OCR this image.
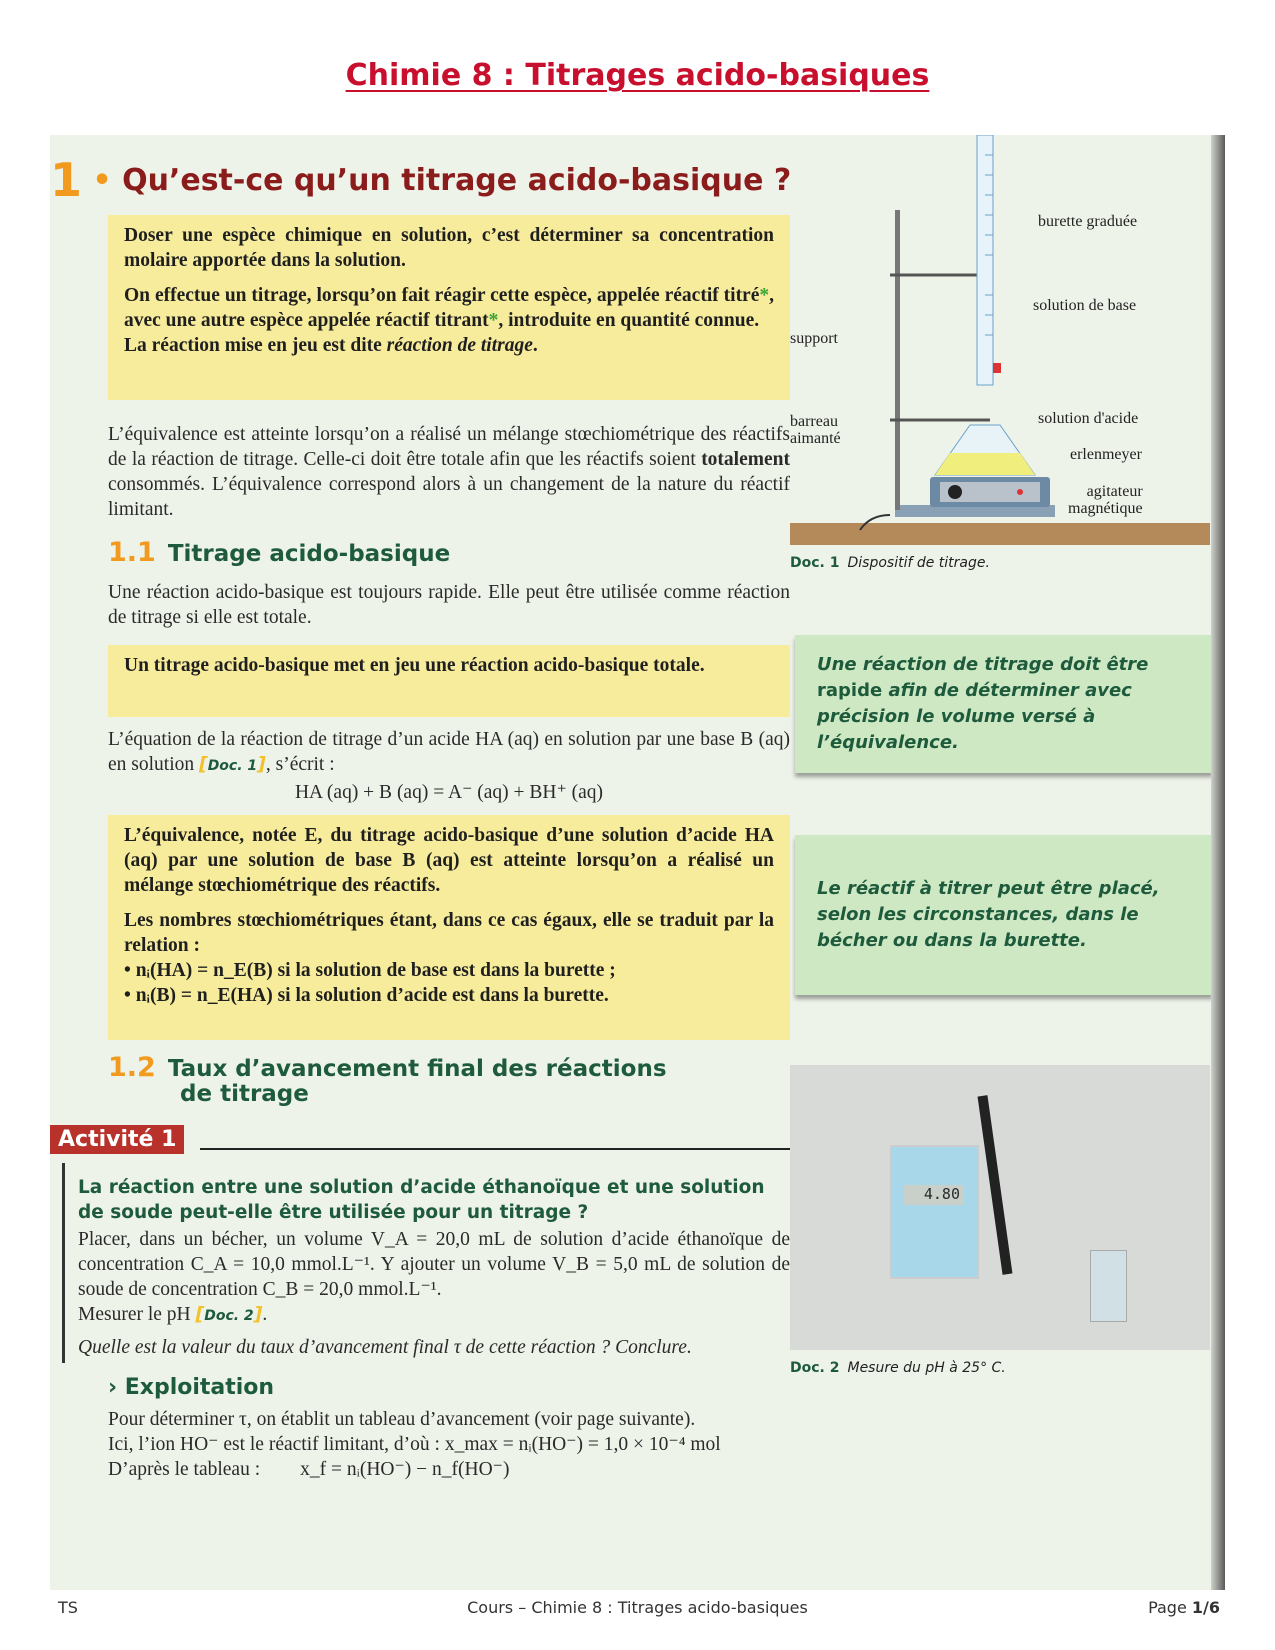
Chimie 8 : Titrages acido-basiques
1 • Qu’est-ce qu’un titrage acido-basique ?

Doser une espèce chimique en solution, c’est déterminer sa concentration molaire apportée dans la solution.

On effectue un titrage, lorsqu’on fait réagir cette espèce, appelée réactif titré*, avec une autre espèce appelée réactif titrant*, introduite en quantité connue.
La réaction mise en jeu est dite réaction de titrage.

L’équivalence est atteinte lorsqu’on a réalisé un mélange stœchiométrique des réactifs de la réaction de titrage. Celle-ci doit être totale afin que les réactifs soient totalement consommés. L’équivalence correspond alors à un changement de la nature du réactif limitant.

1.1 Titrage acido-basique

Une réaction acido-basique est toujours rapide. Elle peut être utilisée comme réaction de titrage si elle est totale.

Un titrage acido-basique met en jeu une réaction acido-basique totale.

L’équation de la réaction de titrage d’un acide HA (aq) en solution par une base B (aq) en solution [Doc. 1], s’écrit :

HA (aq) + B (aq) = A⁻ (aq) + BH⁺ (aq)

L’équivalence, notée E, du titrage acido-basique d’une solution d’acide HA (aq) par une solution de base B (aq) est atteinte lorsqu’on a réalisé un mélange stœchiométrique des réactifs.

Les nombres stœchiométriques étant, dans ce cas égaux, elle se traduit par la relation :

• nᵢ(HA) = n_E(B) si la solution de base est dans la burette ;
• nᵢ(B) = n_E(HA) si la solution d’acide est dans la burette.
1.2 Taux d’avancement final des réactions
de titrage
Activité 1
La réaction entre une solution d’acide éthanoïque et une solution de soude peut-elle être utilisée pour un titrage ?

Placer, dans un bécher, un volume V_A = 20,0 mL de solution d’acide éthanoïque de concentration C_A = 10,0 mmol.L⁻¹. Y ajouter un volume V_B = 5,0 mL de solution de soude de concentration C_B = 20,0 mmol.L⁻¹.

Mesurer le pH [Doc. 2].

Quelle est la valeur du taux d’avancement final τ de cette réaction ? Conclure.
› Exploitation

Pour déterminer τ, on établit un tableau d’avancement (voir page suivante).

Ici, l’ion HO⁻ est le réactif limitant, d’où : x_max = nᵢ(HO⁻) = 1,0 × 10⁻⁴ mol

D’après le tableau : x_f = nᵢ(HO⁻) − n_f(HO⁻)

burette graduée
solution de base
support
barreau
aimanté
solution d'acide
erlenmeyer
agitateur
magnétique
Doc. 1 Dispositif de titrage.
Une réaction de titrage doit être rapide afin de déterminer avec précision le volume versé à l’équivalence.
Le réactif à titrer peut être placé, selon les circonstances, dans le bécher ou dans la burette.
4.80
Doc. 2 Mesure du pH à 25° C.
TS	Cours – Chimie 8 : Titrages acido-basiques	Page 1/6
